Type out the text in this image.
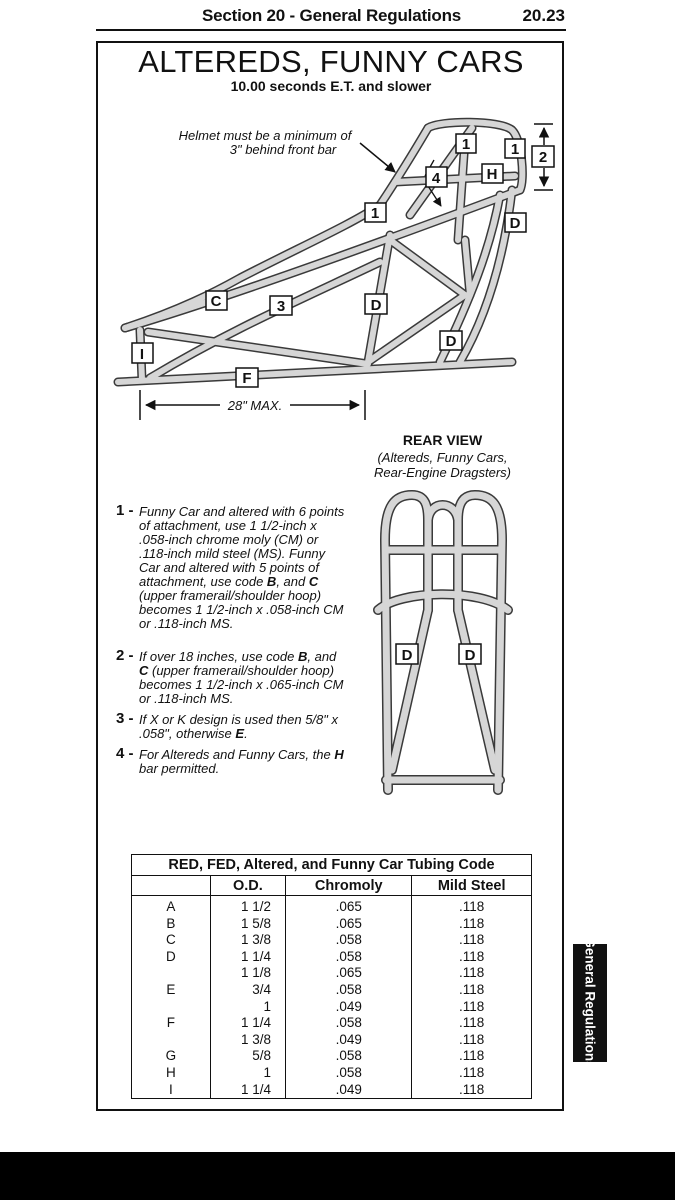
Section 20 - General Regulations	20.23
ALTEREDS, FUNNY CARS
10.00 seconds E.T. and slower
28" MAX.
Helmet must be a minimum of
3" behind front bar	1	1 2
H
4
1
D
C	3	D
D
I
F
D	D
REAR VIEW
(Altereds, Funny Cars,
Rear-Engine Dragsters)
1 - Funny Car and altered with 6 points of attachment, use 1 1/2-inch x .058-inch chrome moly (CM) or .118-inch mild steel (MS). Funny Car and altered with 5 points of attachment, use code B, and C (upper framerail/shoulder hoop) becomes 1 1/2-inch x .058-inch CM or .118-inch MS.
2 - If over 18 inches, use code B, and C (upper framerail/shoulder hoop) becomes 1 1/2-inch x .065-inch CM or .118-inch MS.
3 - If X or K design is used then 5/8" x .058", otherwise E.
4 - For Altereds and Funny Cars, the H bar permitted.
RED, FED, Altered, and Funny Car Tubing Code			
	O.D.	Chromoly	Mild Steel
A	1 1/2	.065	.118
B	1 5/8	.065	.118
C	1 3/8	.058	.118
D	1 1/4	.058	.118
	1 1/8	.065	.118
E	3/4	.058	.118
	1	.049	.118
F	1 1/4	.058	.118
	1 3/8	.049	.118
G	5/8	.058	.118
H	1	.058	.118
I	1 1/4	.049	.118
General Regulations
